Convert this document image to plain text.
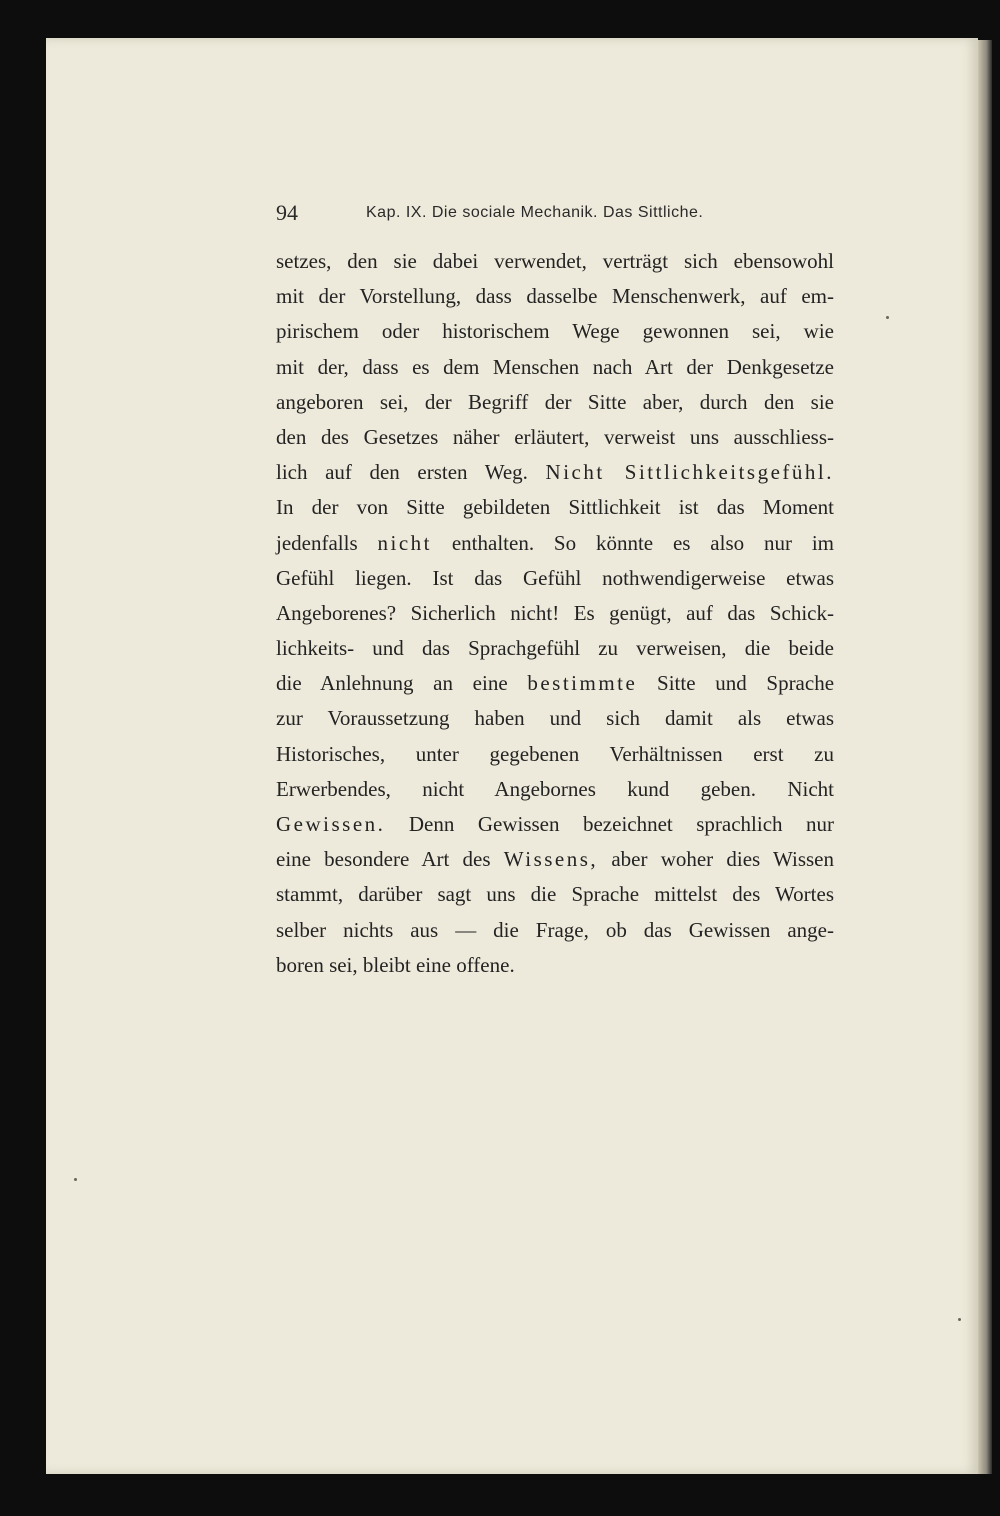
94	Kap. IX. Die sociale Mechanik. Das Sittliche.
setzes, den sie dabei verwendet, verträgt sich ebensowohl
mit der Vorstellung, dass dasselbe Menschenwerk, auf em-
pirischem oder historischem Wege gewonnen sei, wie
mit der, dass es dem Menschen nach Art der Denkgesetze
angeboren sei, der Begriff der Sitte aber, durch den sie
den des Gesetzes näher erläutert, verweist uns ausschliess-
lich auf den ersten Weg. Nicht Sittlichkeitsgefühl.
In der von Sitte gebildeten Sittlichkeit ist das Moment
jedenfalls nicht enthalten. So könnte es also nur im
Gefühl liegen. Ist das Gefühl nothwendigerweise etwas
Angeborenes? Sicherlich nicht! Es genügt, auf das Schick-
lichkeits- und das Sprachgefühl zu verweisen, die beide
die Anlehnung an eine bestimmte Sitte und Sprache
zur Voraussetzung haben und sich damit als etwas
Historisches, unter gegebenen Verhältnissen erst zu
Erwerbendes, nicht Angebornes kund geben. Nicht
Gewissen. Denn Gewissen bezeichnet sprachlich nur
eine besondere Art des Wissens, aber woher dies Wissen
stammt, darüber sagt uns die Sprache mittelst des Wortes
selber nichts aus — die Frage, ob das Gewissen ange-
boren sei, bleibt eine offene.
